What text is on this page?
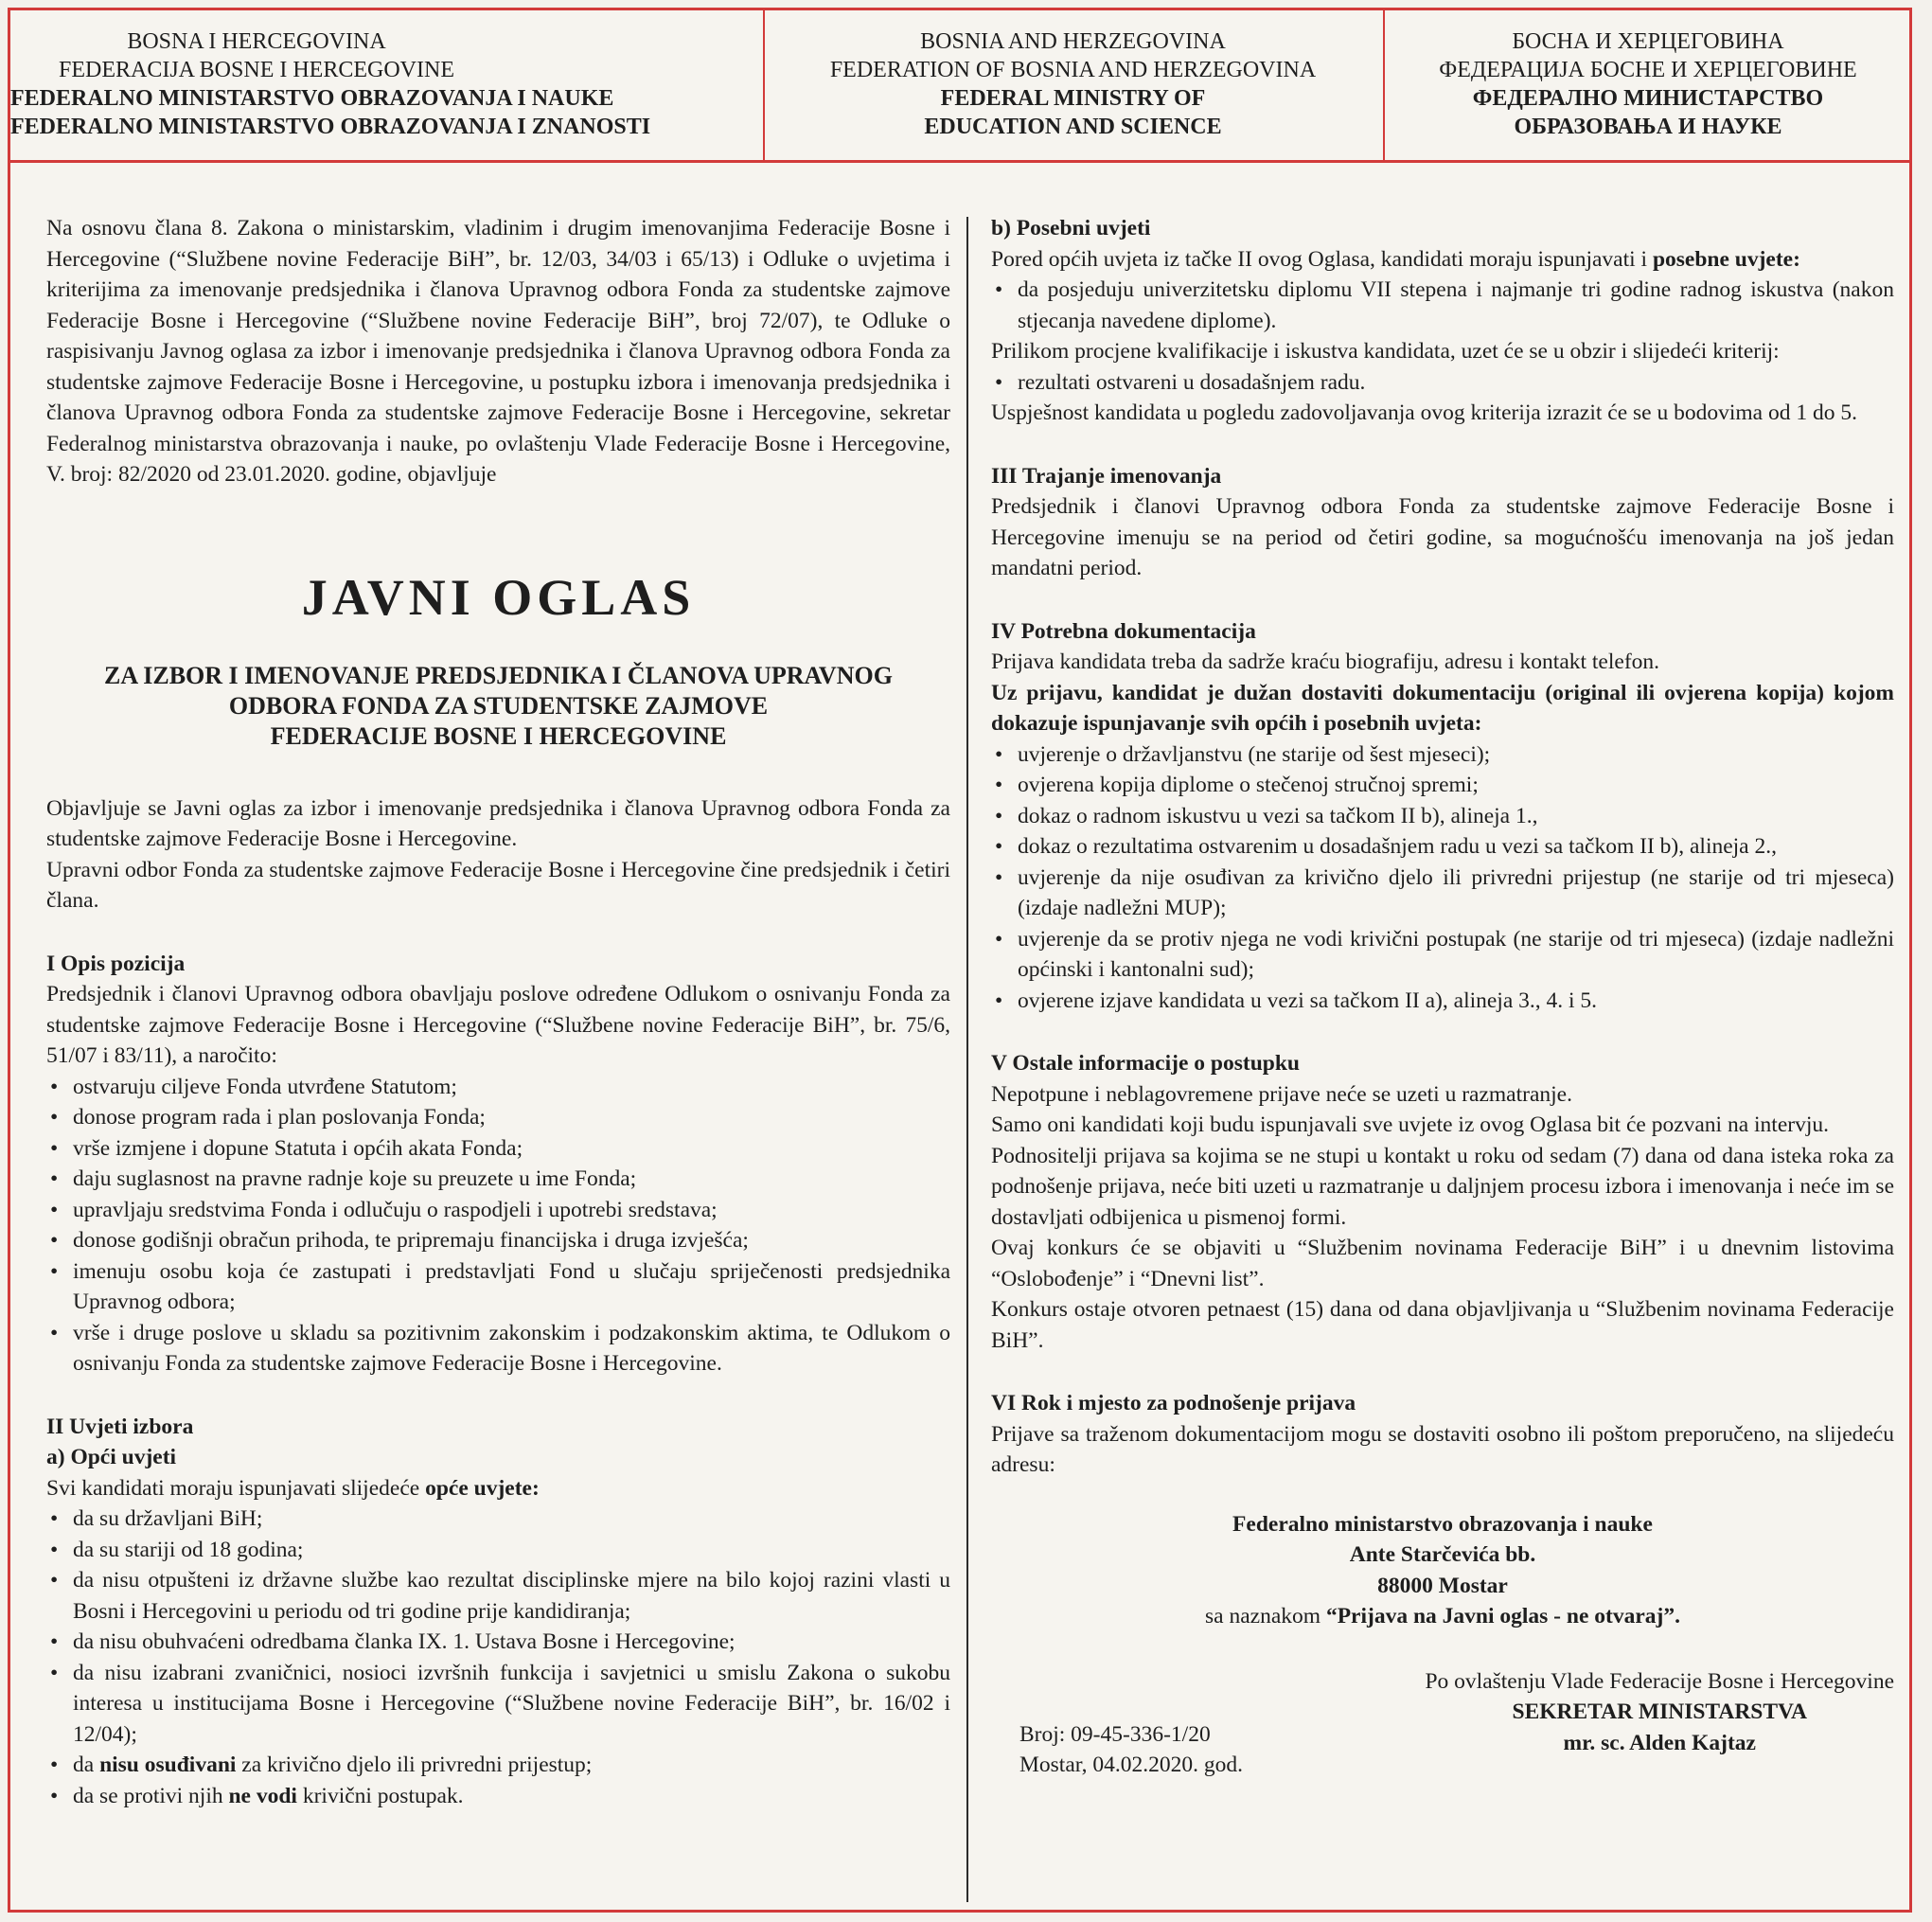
BOSNA I HERCEGOVINA
FEDERACIJA BOSNE I HERCEGOVINE
FEDERALNO MINISTARSTVO OBRAZOVANJA I NAUKE
FEDERALNO MINISTARSTVO OBRAZOVANJA I ZNANOSTI
BOSNIA AND HERZEGOVINA
FEDERATION OF BOSNIA AND HERZEGOVINA
FEDERAL MINISTRY OF
EDUCATION AND SCIENCE
БОСНА И ХЕРЦЕГОВИНА
ФЕДЕРАЦИЈА БОСНЕ И ХЕРЦЕГОВИНЕ
ФЕДЕРАЛНО МИНИСТАРСТВО
ОБРАЗОВАЊА И НАУКЕ

Na osnovu člana 8. Zakona o ministarskim, vladinim i drugim imenovanjima Federacije Bosne i Hercegovine (“Službene novine Federacije BiH”, br. 12/03, 34/03 i 65/13) i Odluke o uvjetima i kriterijima za imenovanje predsjednika i članova Upravnog odbora Fonda za studentske zajmove Federacije Bosne i Hercegovine (“Službene novine Federacije BiH”, broj 72/07), te Odluke o raspisivanju Javnog oglasa za izbor i imenovanje predsjednika i članova Upravnog odbora Fonda za studentske zajmove Federacije Bosne i Hercegovine, u postupku izbora i imenovanja predsjednika i članova Upravnog odbora Fonda za studentske zajmove Federacije Bosne i Hercegovine, sekretar Federalnog ministarstva obrazovanja i nauke, po ovlaštenju Vlade Federacije Bosne i Hercegovine, V. broj: 82/2020 od 23.01.2020. godine, objavljuje

JAVNI OGLAS
ZA IZBOR I IMENOVANJE PREDSJEDNIKA I ČLANOVA UPRAVNOG
ODBORA FONDA ZA STUDENTSKE ZAJMOVE
FEDERACIJE BOSNE I HERCEGOVINE

Objavljuje se Javni oglas za izbor i imenovanje predsjednika i članova Upravnog odbora Fonda za studentske zajmove Federacije Bosne i Hercegovine.

Upravni odbor Fonda za studentske zajmove Federacije Bosne i Hercegovine čine predsjednik i četiri člana.

I Opis pozicija

Predsjednik i članovi Upravnog odbora obavljaju poslove određene Odlukom o osnivanju Fonda za studentske zajmove Federacije Bosne i Hercegovine (“Službene novine Federacije BiH”, br. 75/6, 51/07 i 83/11), a naročito:

• ostvaruju ciljeve Fonda utvrđene Statutom;
• donose program rada i plan poslovanja Fonda;
• vrše izmjene i dopune Statuta i općih akata Fonda;
• daju suglasnost na pravne radnje koje su preuzete u ime Fonda;
• upravljaju sredstvima Fonda i odlučuju o raspodjeli i upotrebi sredstava;
• donose godišnji obračun prihoda, te pripremaju financijska i druga izvješća;
• imenuju osobu koja će zastupati i predstavljati Fond u slučaju spriječenosti predsjednika Upravnog odbora;
• vrše i druge poslove u skladu sa pozitivnim zakonskim i podzakonskim aktima, te Odlukom o osnivanju Fonda za studentske zajmove Federacije Bosne i Hercegovine.
II Uvjeti izbora
a) Opći uvjeti

Svi kandidati moraju ispunjavati slijedeće opće uvjete:

• da su državljani BiH;
• da su stariji od 18 godina;
• da nisu otpušteni iz državne službe kao rezultat disciplinske mjere na bilo kojoj razini vlasti u Bosni i Hercegovini u periodu od tri godine prije kandidiranja;
• da nisu obuhvaćeni odredbama članka IX. 1. Ustava Bosne i Hercegovine;
• da nisu izabrani zvaničnici, nosioci izvršnih funkcija i savjetnici u smislu Zakona o sukobu interesa u institucijama Bosne i Hercegovine (“Službene novine Federacije BiH”, br. 16/02 i 12/04);
• da nisu osuđivani za krivično djelo ili privredni prijestup;
• da se protivi njih ne vodi krivični postupak.
b) Posebni uvjeti

Pored općih uvjeta iz tačke II ovog Oglasa, kandidati moraju ispunjavati i posebne uvjete:

• da posjeduju univerzitetsku diplomu VII stepena i najmanje tri godine radnog iskustva (nakon stjecanja navedene diplome).

Prilikom procjene kvalifikacije i iskustva kandidata, uzet će se u obzir i slijedeći kriterij:

• rezultati ostvareni u dosadašnjem radu.

Uspješnost kandidata u pogledu zadovoljavanja ovog kriterija izrazit će se u bodovima od 1 do 5.

III Trajanje imenovanja

Predsjednik i članovi Upravnog odbora Fonda za studentske zajmove Federacije Bosne i Hercegovine imenuju se na period od četiri godine, sa mogućnošću imenovanja na još jedan mandatni period.

IV Potrebna dokumentacija

Prijava kandidata treba da sadrže kraću biografiju, adresu i kontakt telefon.

Uz prijavu, kandidat je dužan dostaviti dokumentaciju (original ili ovjerena kopija) kojom dokazuje ispunjavanje svih općih i posebnih uvjeta:

• uvjerenje o državljanstvu (ne starije od šest mjeseci);
• ovjerena kopija diplome o stečenoj stručnoj spremi;
• dokaz o radnom iskustvu u vezi sa tačkom II b), alineja 1.,
• dokaz o rezultatima ostvarenim u dosadašnjem radu u vezi sa tačkom II b), alineja 2.,
• uvjerenje da nije osuđivan za krivično djelo ili privredni prijestup (ne starije od tri mjeseca) (izdaje nadležni MUP);
• uvjerenje da se protiv njega ne vodi krivični postupak (ne starije od tri mjeseca) (izdaje nadležni općinski i kantonalni sud);
• ovjerene izjave kandidata u vezi sa tačkom II a), alineja 3., 4. i 5.
V Ostale informacije o postupku

Nepotpune i neblagovremene prijave neće se uzeti u razmatranje.

Samo oni kandidati koji budu ispunjavali sve uvjete iz ovog Oglasa bit će pozvani na intervju.

Podnositelji prijava sa kojima se ne stupi u kontakt u roku od sedam (7) dana od dana isteka roka za podnošenje prijava, neće biti uzeti u razmatranje u daljnjem procesu izbora i imenovanja i neće im se dostavljati odbijenica u pismenoj formi.

Ovaj konkurs će se objaviti u “Službenim novinama Federacije BiH” i u dnevnim listovima “Oslobođenje” i “Dnevni list”.

Konkurs ostaje otvoren petnaest (15) dana od dana objavljivanja u “Službenim novinama Federacije BiH”.

VI Rok i mjesto za podnošenje prijava

Prijave sa traženom dokumentacijom mogu se dostaviti osobno ili poštom preporučeno, na slijedeću adresu:

Federalno ministarstvo obrazovanja i nauke
Ante Starčevića bb.
88000 Mostar
sa naznakom “Prijava na Javni oglas - ne otvaraj”.
Broj: 09-45-336-1/20
Mostar, 04.02.2020. god.
Po ovlaštenju Vlade Federacije Bosne i Hercegovine
SEKRETAR MINISTARSTVA
mr. sc. Alden Kajtaz
